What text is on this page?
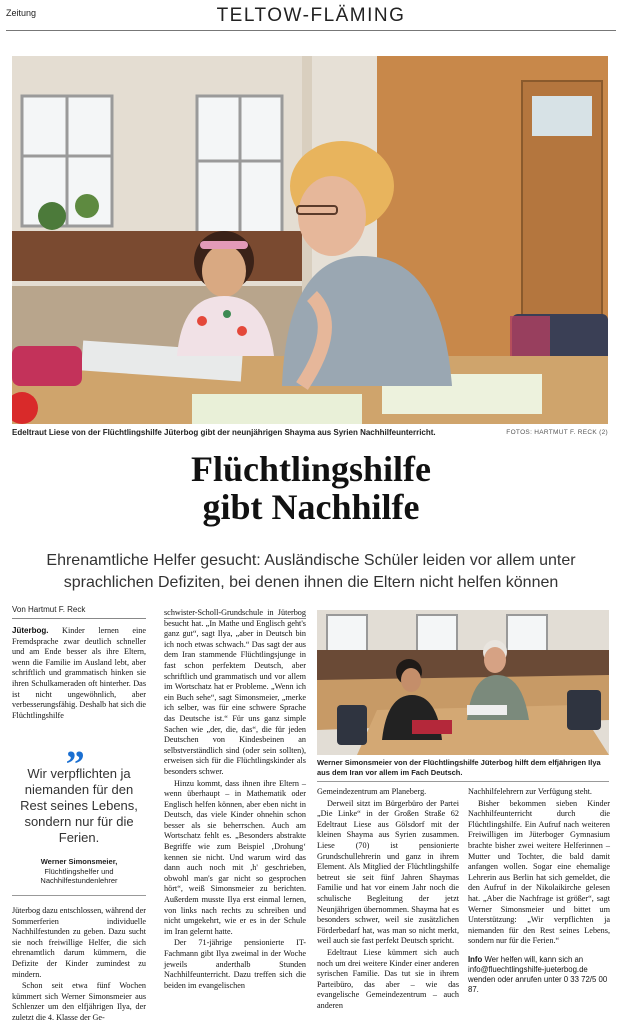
Zeitung	TELTOW-FLÄMING
Edeltraut Liese von der Flüchtlingshilfe Jüterbog gibt der neunjährigen Shayma aus Syrien Nachhilfeunterricht.	FOTOS: HARTMUT F. RECK (2)
Flüchtlingshilfe
gibt Nachhilfe
Ehrenamtliche Helfer gesucht: Ausländische Schüler leiden vor allem unter sprachlichen Defiziten, bei denen ihnen die Eltern nicht helfen können
Von Hartmut F. Reck

Jüterbog. Kinder lernen eine Fremdsprache zwar deutlich schneller und am Ende besser als ihre Eltern, wenn die Familie im Ausland lebt, aber schriftlich und grammatisch hinken sie ihren Schulkameraden oft hinterher. Das ist nicht ungewöhnlich, aber verbesserungsfähig. Deshalb hat sich die Flüchtlingshilfe

„
Wir verpflichten ja niemanden für den Rest seines Lebens, sondern nur für die Ferien.
Werner Simonsmeier,
Flüchtlingshelfer und Nachhilfestundenlehrer

Jüterbog dazu entschlossen, während der Sommerferien individuelle Nachhilfestunden zu geben. Dazu sucht sie noch freiwillige Helfer, die sich ehrenamtlich darum kümmern, die Defizite der Kinder zumindest zu mindern.

Schon seit etwa fünf Wochen kümmert sich Werner Simonsmeier aus Schlenzer um den elfjährigen Ilya, der zuletzt die 4. Klasse der Ge-

schwister-Scholl-Grundschule in Jüterbog besucht hat. „In Mathe und Englisch geht's ganz gut“, sagt Ilya, „aber in Deutsch bin ich noch etwas schwach.“ Das sagt der aus dem Iran stammende Flüchtlingsjunge in fast schon perfektem Deutsch, aber schriftlich und grammatisch und vor allem im Wortschatz hat er Probleme. „Wenn ich ein Buch sehe“, sagt Simonsmeier, „merke ich selber, was für eine schwere Sprache das Deutsche ist.“ Für uns ganz simple Sachen wie „der, die, das“, die für jeden Deutschen von Kindesbeinen an selbstverständlich sind (oder sein sollten), erweisen sich für die Flüchtlingskinder als besonders schwer.

Hinzu kommt, dass ihnen ihre Eltern – wenn überhaupt – in Mathematik oder Englisch helfen können, aber eben nicht in Deutsch, das viele Kinder ohnehin schon besser als sie beherrschen. Auch am Wortschatz fehlt es. „Besonders abstrakte Begriffe wie zum Beispiel ‚Drohung‘ kennen sie nicht. Und warum wird das dann auch noch mit ,h' geschrieben, obwohl man's gar nicht so gesprochen hört“, weiß Simonsmeier zu berichten. Außerdem musste Ilya erst einmal lernen, von links nach rechts zu schreiben und nicht umgekehrt, wie er es in der Schule im Iran gelernt hatte.

Der 71-jährige pensionierte IT-Fachmann gibt Ilya zweimal in der Woche jeweils anderthalb Stunden Nachhilfeunterricht. Dazu treffen sich die beiden im evangelischen

Werner Simonsmeier von der Flüchtlingshilfe Jüterbog hilft dem elfjährigen Ilya aus dem Iran vor allem im Fach Deutsch.

Gemeindezentrum am Planeberg.

Derweil sitzt im Bürgerbüro der Partei „Die Linke“ in der Großen Straße 62 Edeltraut Liese aus Gölsdorf mit der kleinen Shayma aus Syrien zusammen. Liese (70) ist pensionierte Grundschullehrerin und ganz in ihrem Element. Als Mitglied der Flüchtlingshilfe betreut sie seit fünf Jahren Shaymas Familie und hat vor einem Jahr noch die schulische Begleitung der jetzt Neunjährigen übernommen. Shayma hat es besonders schwer, weil sie zusätzlichen Förderbedarf hat, was man so nicht merkt, weil auch sie fast perfekt Deutsch spricht.

Edeltraut Liese kümmert sich auch noch um drei weitere Kinder einer anderen syrischen Familie. Das tut sie in ihrem Parteibüro, das aber – wie das evangelische Gemeindezentrum – auch anderen

Nachhilfelehrern zur Verfügung steht.

Bisher bekommen sieben Kinder Nachhilfeunterricht durch die Flüchtlingshilfe. Ein Aufruf nach weiteren Freiwilligen im Jüterboger Gymnasium brachte bisher zwei weitere Helferinnen – Mutter und Tochter, die bald damit anfangen wollen. Sogar eine ehemalige Lehrerin aus Berlin hat sich gemeldet, die den Aufruf in der Nikolaikirche gelesen hat. „Aber die Nachfrage ist größer“, sagt Werner Simonsmeier und bittet um Unterstützung: „Wir verpflichten ja niemanden für den Rest seines Lebens, sondern nur für die Ferien.“

Info Wer helfen will, kann sich an info@fluechtlingshilfe-jueterbog.de wenden oder anrufen unter 0 33 72/5 00 87.
